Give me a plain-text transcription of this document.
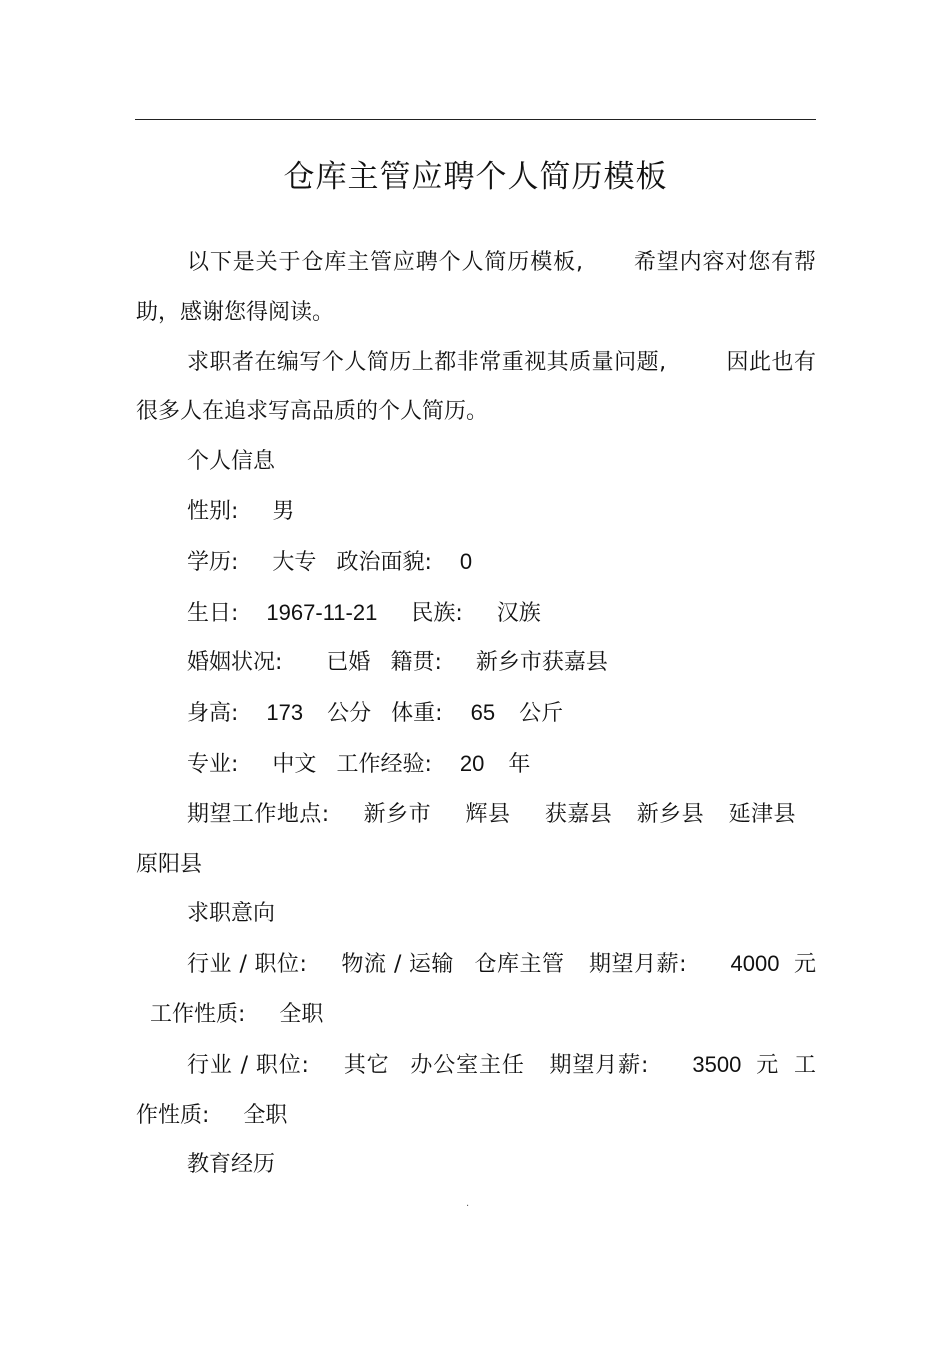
仓库主管应聘个人简历模板

以下是关于仓库主管应聘个人简历模板, 希望内容对您有帮助，感谢您得阅读。

求职者在编写个人简历上都非常重视其质量问题,	因此也有很多人在追求写高品质的个人简历。

个人信息

性别: 男

学历: 大专 政治面貌: 0

生日: 1967-11-21 民族: 汉族

婚姻状况: 已婚 籍贯: 新乡市获嘉县

身高: 173 公分 体重: 65 公斤

专业: 中文 工作经验: 20 年

期望工作地点: 新乡市 辉县 获嘉县 新乡县 延津县原阳县

求职意向

行业 / 职位: 物流 / 运输 仓库主管 期望月薪: 4000 元工作性质: 全职

行业 / 职位: 其它 办公室主任 期望月薪: 3500 元 工作性质: 全职

教育经历

.
